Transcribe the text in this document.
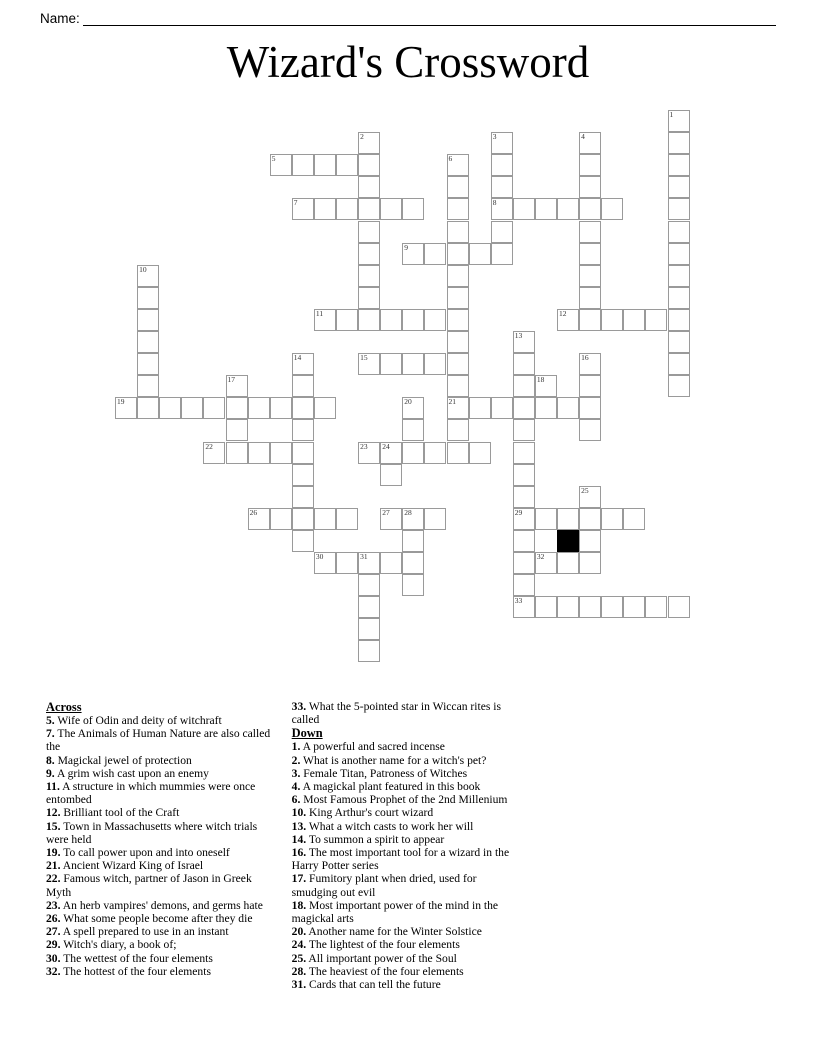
Name:
Wizard's Crossword
1
2	3	4
5	6
7	8
9
10
11	12
13
14	15	16
18
17
19	20	21
22	23 24
25
26	27 28	29
30	31	32
33
Across
5. Wife of Odin and deity of witchraft
7. The Animals of Human Nature are also called the
8. Magickal jewel of protection
9. A grim wish cast upon an enemy
11. A structure in which mummies were once entombed
12. Brilliant tool of the Craft
15. Town in Massachusetts where witch trials were held
19. To call power upon and into oneself
21. Ancient Wizard King of Israel
22. Famous witch, partner of Jason in Greek Myth
23. An herb vampires' demons, and germs hate
26. What some people become after they die
27. A spell prepared to use in an instant
29. Witch's diary, a book of;
30. The wettest of the four elements
32. The hottest of the four elements
33. What the 5-pointed star in Wiccan rites is called
Down
1. A powerful and sacred incense
2. What is another name for a witch's pet?
3. Female Titan, Patroness of Witches
4. A magickal plant featured in this book
6. Most Famous Prophet of the 2nd Millenium
10. King Arthur's court wizard
13. What a witch casts to work her will
14. To summon a spirit to appear
16. The most important tool for a wizard in the Harry Potter series
17. Fumitory plant when dried, used for smudging out evil
18. Most important power of the mind in the magickal arts
20. Another name for the Winter Solstice
24. The lightest of the four elements
25. All important power of the Soul
28. The heaviest of the four elements
31. Cards that can tell the future
